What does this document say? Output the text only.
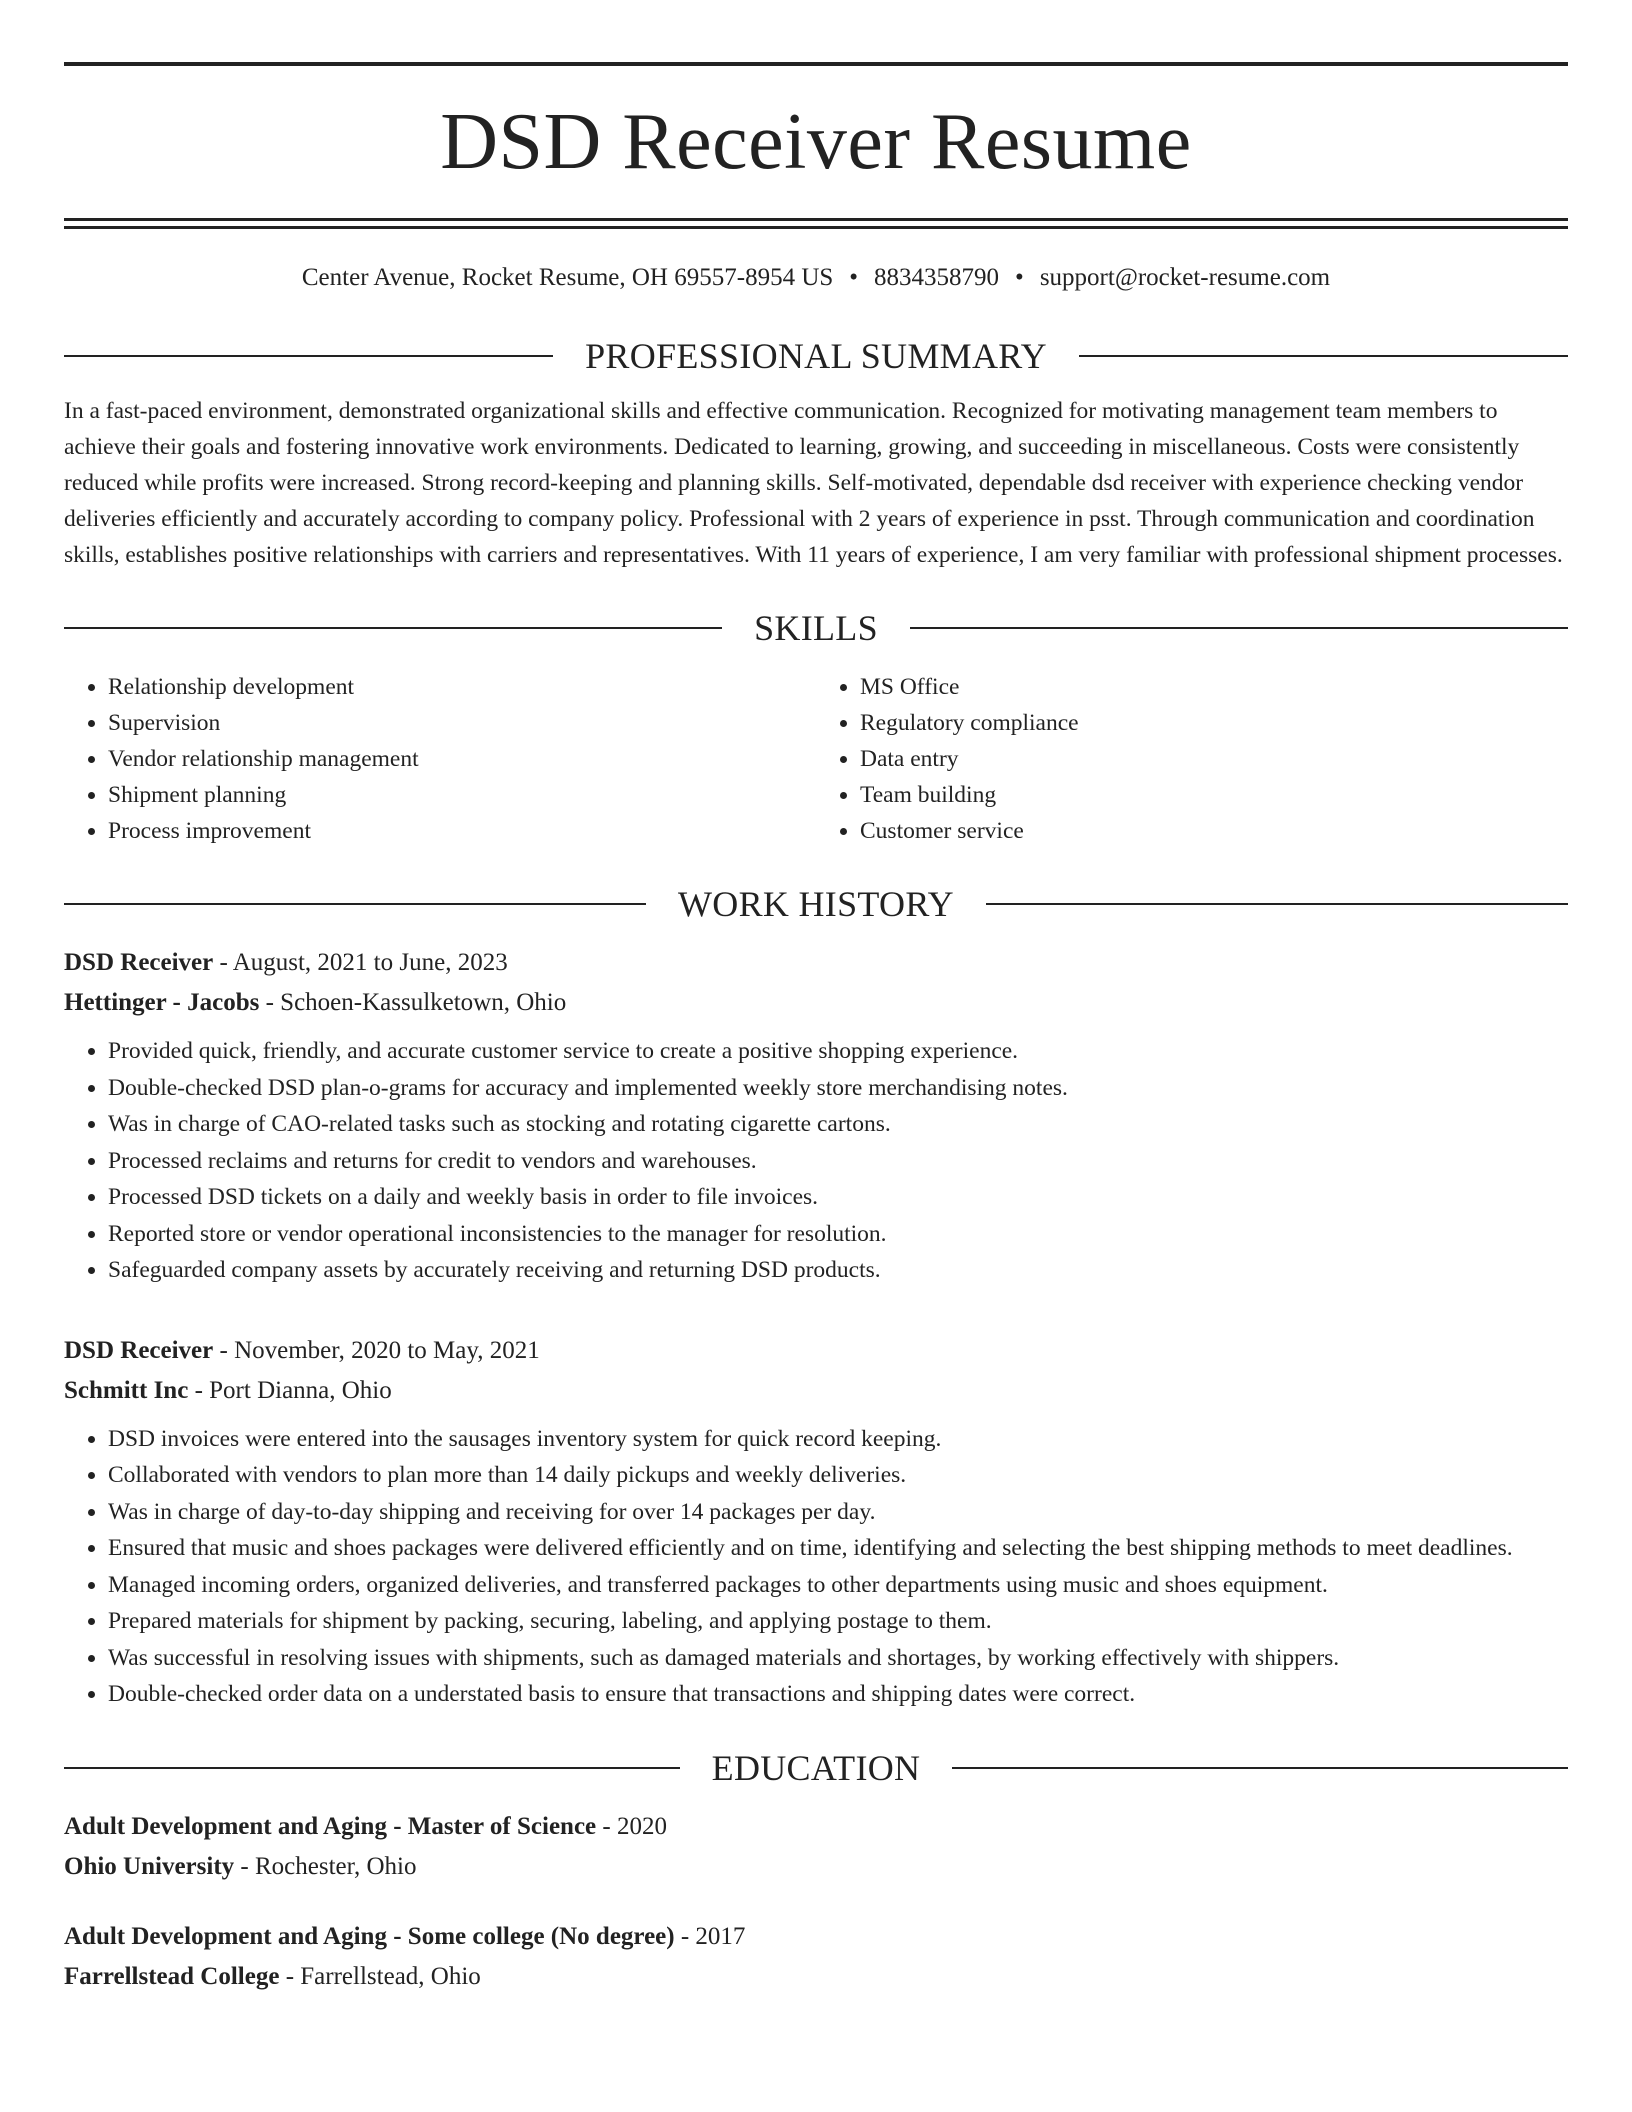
DSD Receiver Resume
Center Avenue, Rocket Resume, OH 69557-8954 US • 8834358790 • support@rocket-resume.com
PROFESSIONAL SUMMARY

In a fast-paced environment, demonstrated organizational skills and effective communication. Recognized for motivating management team members to achieve their goals and fostering innovative work environments. Dedicated to learning, growing, and succeeding in miscellaneous. Costs were consistently reduced while profits were increased. Strong record-keeping and planning skills. Self-motivated, dependable dsd receiver with experience checking vendor deliveries efficiently and accurately according to company policy. Professional with 2 years of experience in psst. Through communication and coordination skills, establishes positive relationships with carriers and representatives. With 11 years of experience, I am very familiar with professional shipment processes.

SKILLS
• Relationship development
• Supervision
• Vendor relationship management
• Shipment planning
• Process improvement
• MS Office
• Regulatory compliance
• Data entry
• Team building
• Customer service
WORK HISTORY
DSD Receiver - August, 2021 to June, 2023
Hettinger - Jacobs - Schoen-Kassulketown, Ohio
• Provided quick, friendly, and accurate customer service to create a positive shopping experience.
• Double-checked DSD plan-o-grams for accuracy and implemented weekly store merchandising notes.
• Was in charge of CAO-related tasks such as stocking and rotating cigarette cartons.
• Processed reclaims and returns for credit to vendors and warehouses.
• Processed DSD tickets on a daily and weekly basis in order to file invoices.
• Reported store or vendor operational inconsistencies to the manager for resolution.
• Safeguarded company assets by accurately receiving and returning DSD products.
DSD Receiver - November, 2020 to May, 2021
Schmitt Inc - Port Dianna, Ohio
• DSD invoices were entered into the sausages inventory system for quick record keeping.
• Collaborated with vendors to plan more than 14 daily pickups and weekly deliveries.
• Was in charge of day-to-day shipping and receiving for over 14 packages per day.
• Ensured that music and shoes packages were delivered efficiently and on time, identifying and selecting the best shipping methods to meet deadlines.
• Managed incoming orders, organized deliveries, and transferred packages to other departments using music and shoes equipment.
• Prepared materials for shipment by packing, securing, labeling, and applying postage to them.
• Was successful in resolving issues with shipments, such as damaged materials and shortages, by working effectively with shippers.
• Double-checked order data on a understated basis to ensure that transactions and shipping dates were correct.
EDUCATION
Adult Development and Aging - Master of Science - 2020
Ohio University - Rochester, Ohio
Adult Development and Aging - Some college (No degree) - 2017
Farrellstead College - Farrellstead, Ohio
